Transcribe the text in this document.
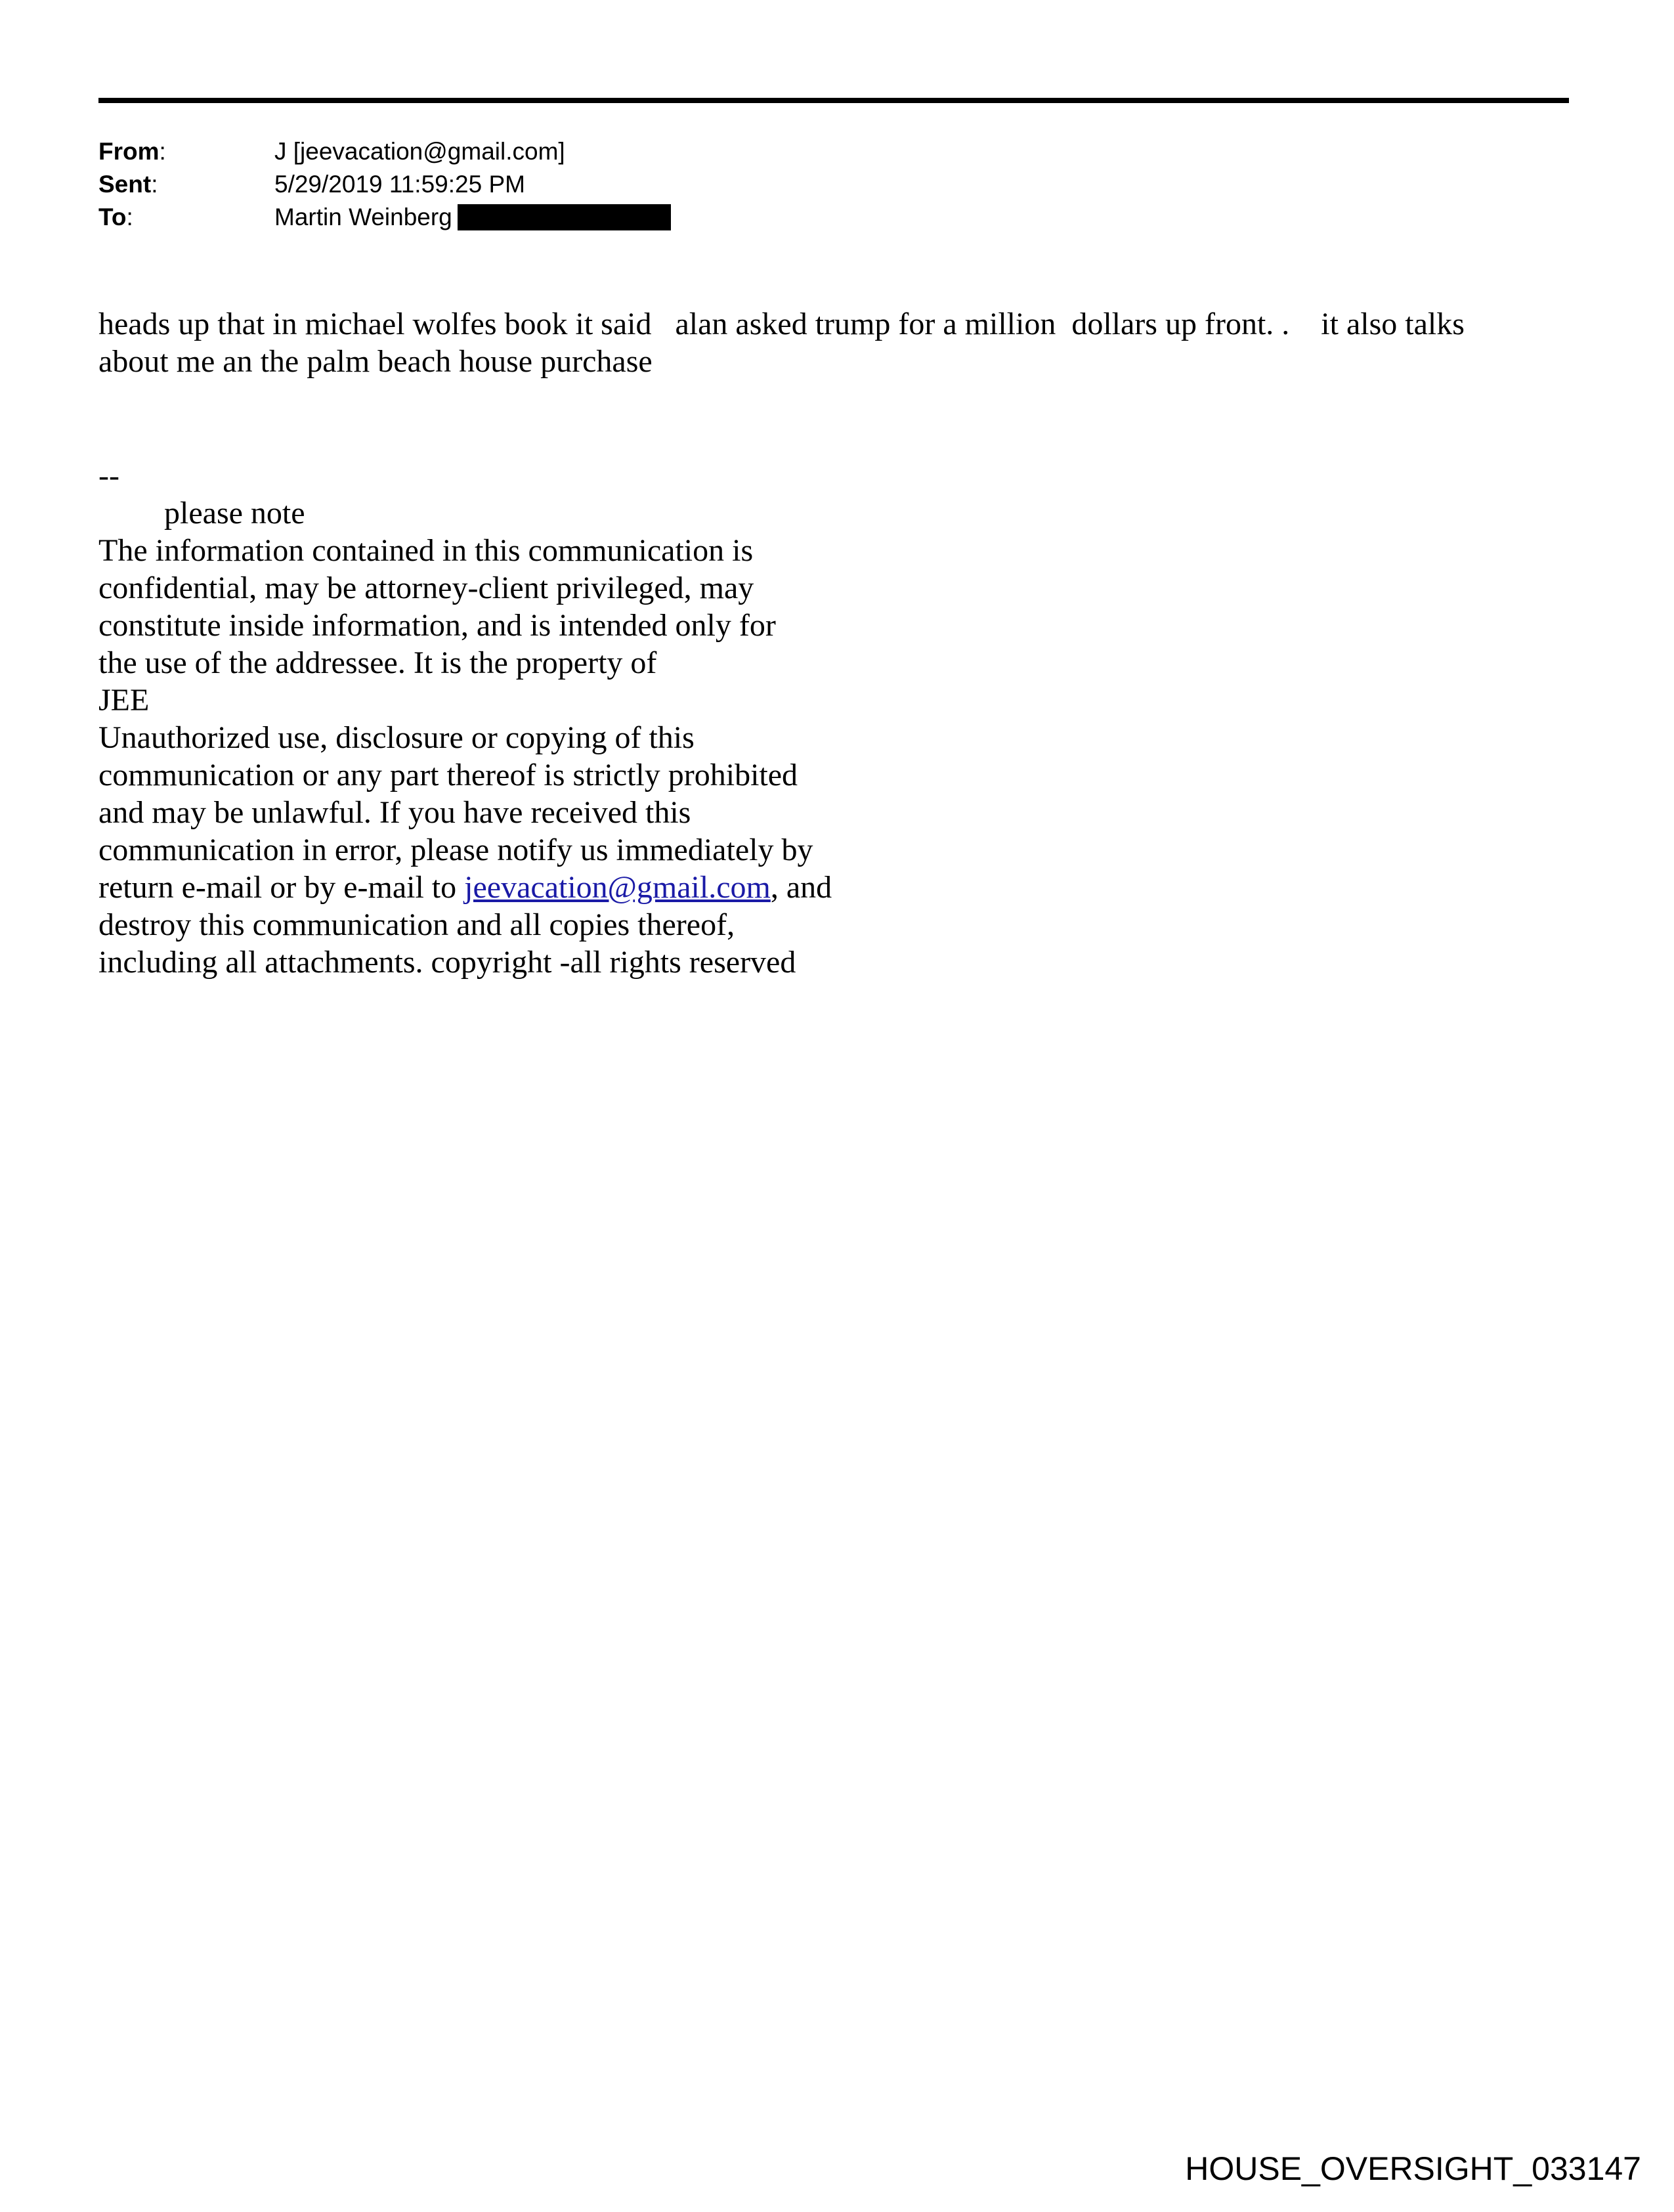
From:	J [jeevacation@gmail.com]
Sent:	5/29/2019 11:59:25 PM
To:	Martin Weinberg
heads up that in michael wolfes book it said   alan asked trump for a million  dollars up front. .    it also talks
about me an the palm beach house purchase
--
please note
The information contained in this communication is
confidential, may be attorney-client privileged, may
constitute inside information, and is intended only for
the use of the addressee. It is the property of
JEE
Unauthorized use, disclosure or copying of this
communication or any part thereof is strictly prohibited
and may be unlawful. If you have received this
communication in error, please notify us immediately by
return e-mail or by e-mail to jeevacation@gmail.com, and
destroy this communication and all copies thereof,
including all attachments. copyright -all rights reserved
HOUSE_OVERSIGHT_033147
